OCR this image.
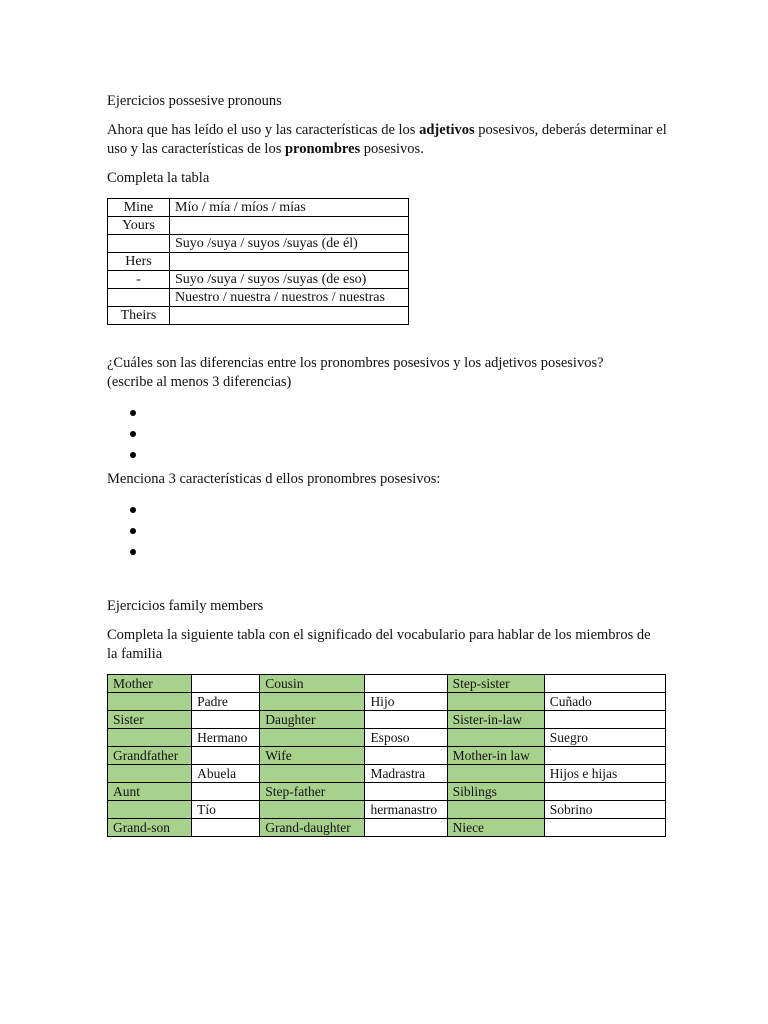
Ejercicios possesive pronouns

Ahora que has leído el uso y las características de los adjetivos posesivos, deberás determinar el uso y las características de los pronombres posesivos.

Completa la tabla

Mine	Mío / mía / míos / mías
Yours	
	Suyo /suya / suyos /suyas (de él)
Hers	
-	Suyo /suya / suyos /suyas (de eso)
	Nuestro / nuestra / nuestros / nuestras
Theirs	

¿Cuáles son las diferencias entre los pronombres posesivos y los adjetivos posesivos? (escribe al menos 3 diferencias)

Menciona 3 características d ellos pronombres posesivos:

Ejercicios family members

Completa la siguiente tabla con el significado del vocabulario para hablar de los miembros de la familia

Mother		Cousin		Step-sister	
	Padre		Hijo		Cuñado
Sister		Daughter		Sister-in-law	
	Hermano		Esposo		Suegro
Grandfather		Wife		Mother-in law	
	Abuela		Madrastra		Hijos e hijas
Aunt		Step-father		Siblings	
	Tío		hermanastro		Sobrino
Grand-son		Grand-daughter		Niece	
